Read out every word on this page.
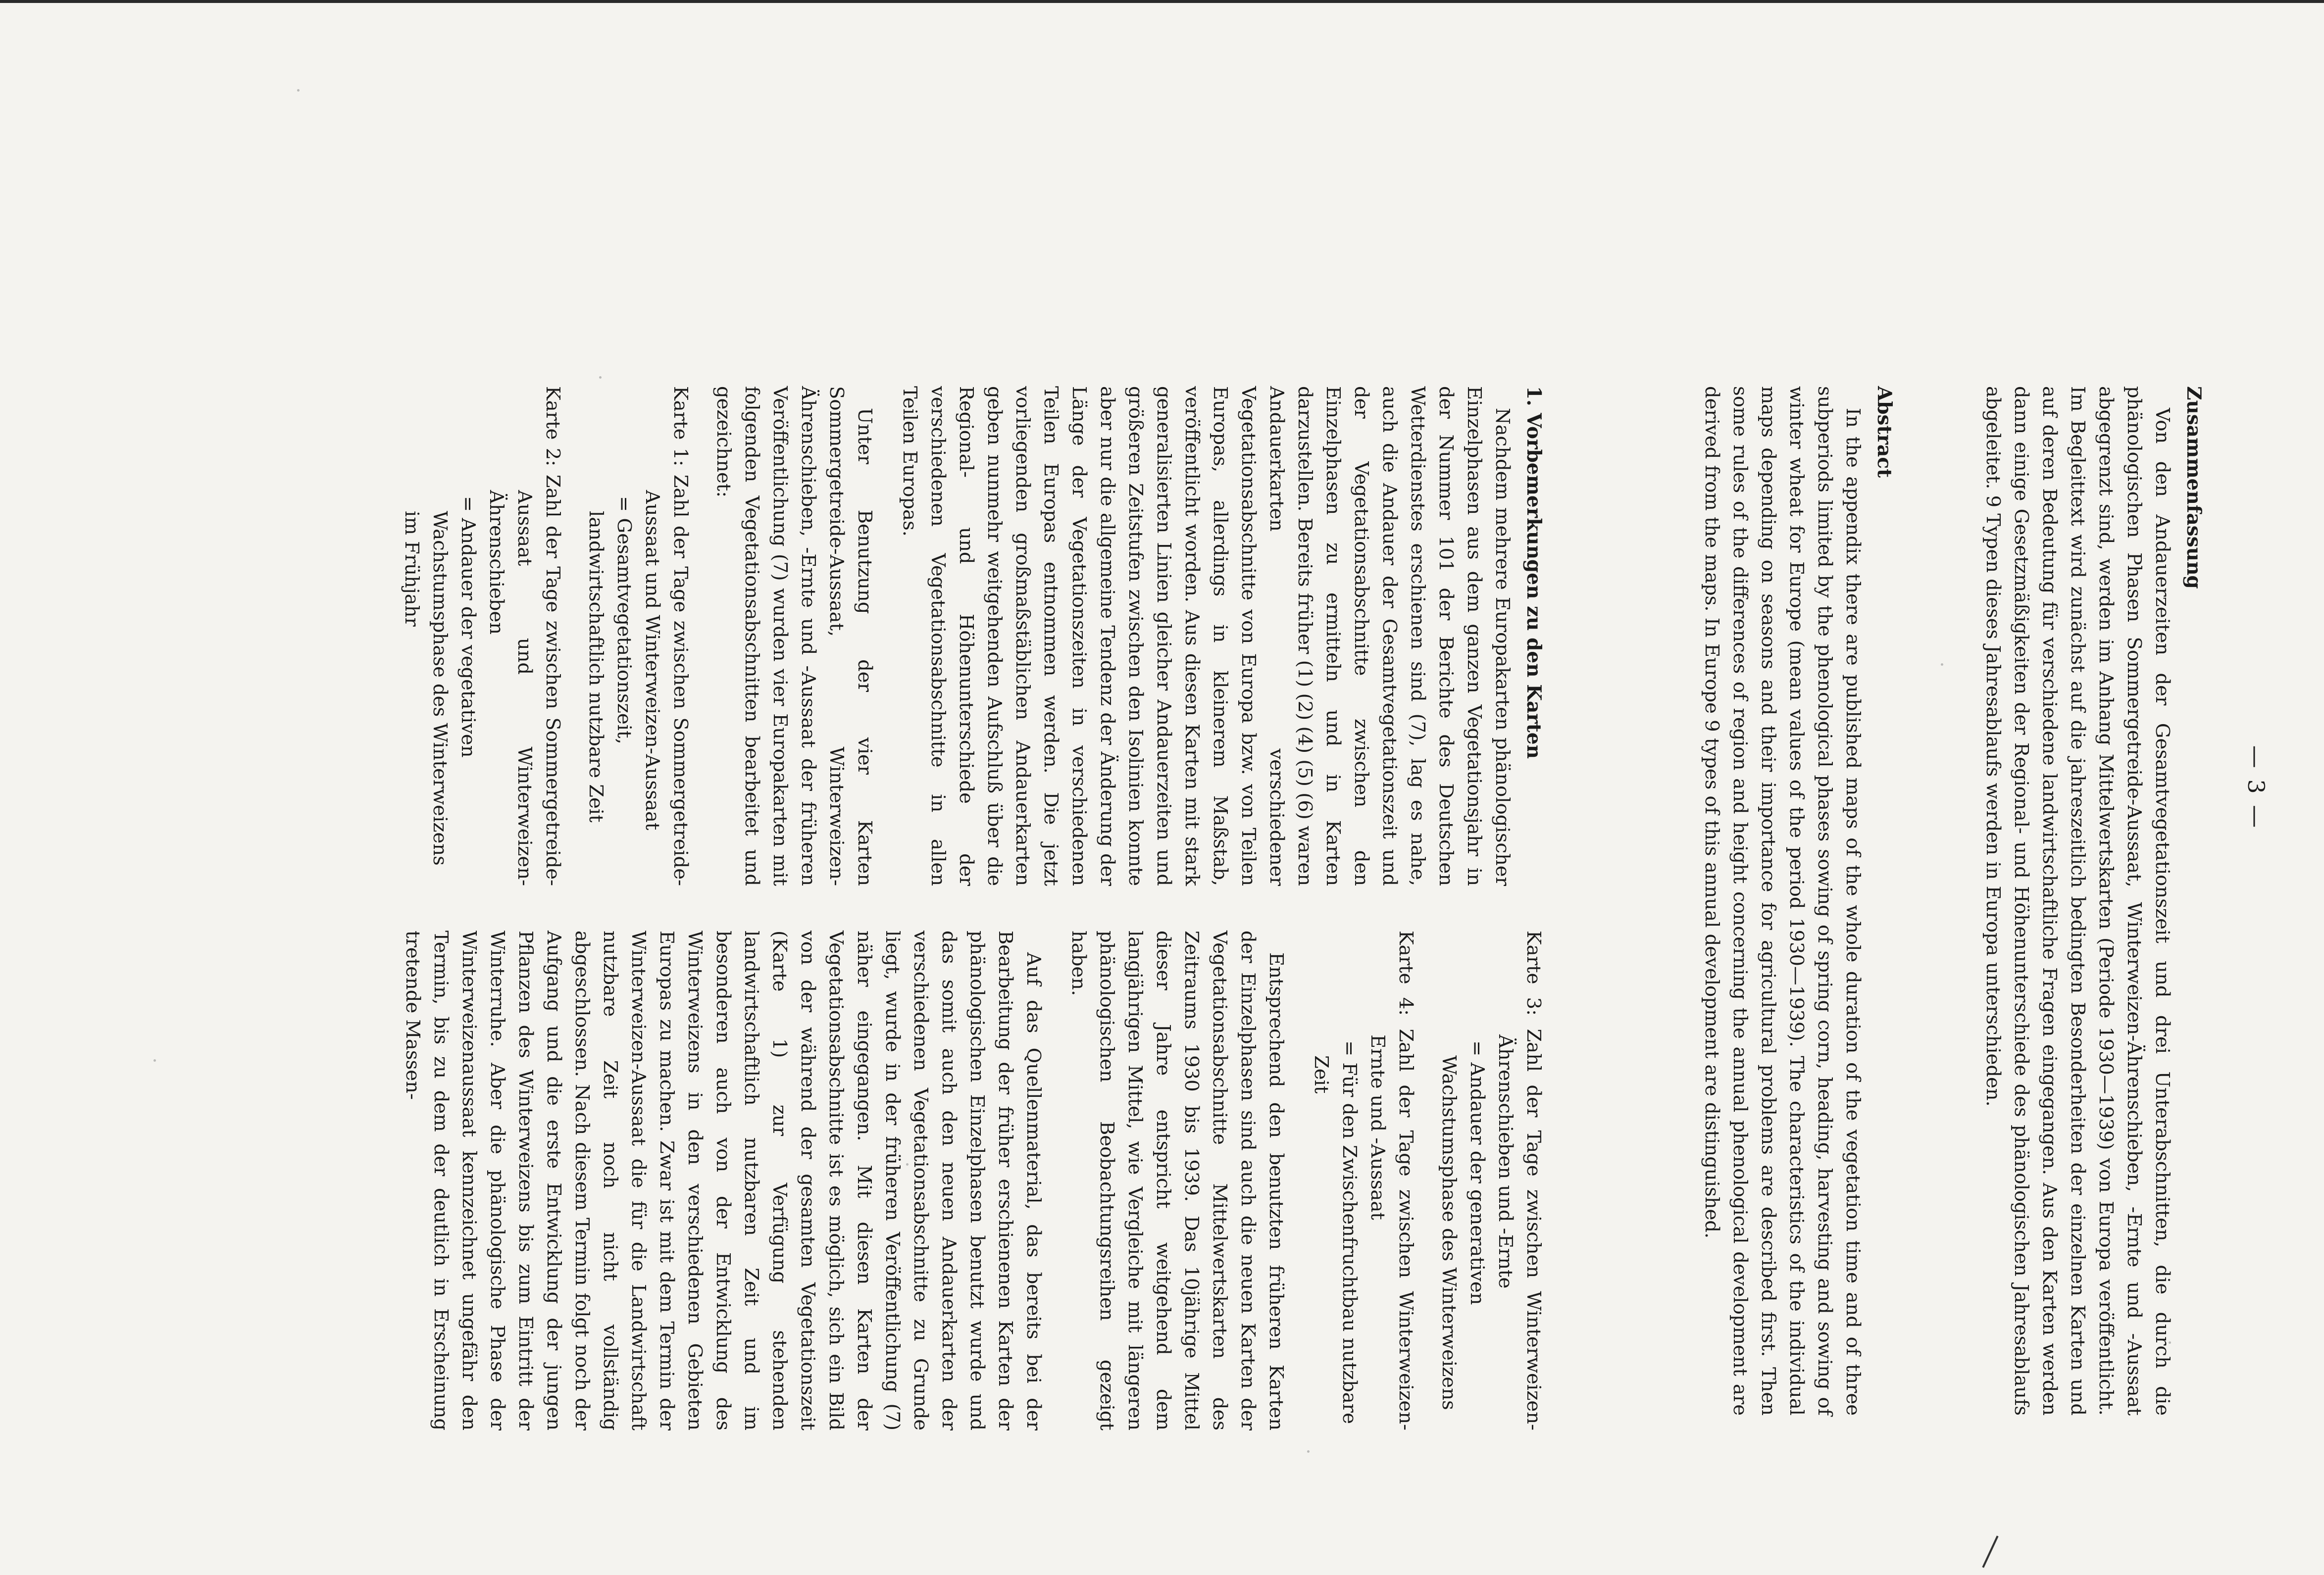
— 3 —
Zusammenfassung

Von den Andauerzeiten der Gesamtvegetationszeit und drei Unterabschnitten, die durch die phänologischen Phasen Sommergetreide-Aussaat, Winterweizen-Ährenschieben, -Ernte und -Aussaat abgegrenzt sind, werden im Anhang Mittelwertskarten (Periode 1930—1939) von Europa veröffentlicht. Im Begleittext wird zunächst auf die jahreszeitlich bedingten Besonderheiten der einzelnen Karten und auf deren Bedeutung für verschiedene landwirtschaftliche Fragen eingegangen. Aus den Karten werden dann einige Gesetzmäßigkeiten der Regional- und Höhenunterschiede des phänologischen Jahresablaufs abgeleitet. 9 Typen dieses Jahresablaufs werden in Europa unterschieden.

Abstract

In the appendix there are published maps of the whole duration of the vegetation time and of three subperiods limited by the phenological phases sowing of spring corn, heading, harvesting and sowing of winter wheat for Europe (mean values of the period 1930—1939). The characteristics of the individual maps depending on seasons and their importance for agricultural problems are described first. Then some rules of the differences of region and height concerning the annual phenological development are derived from the maps. In Europe 9 types of this annual development are distinguished.

1. Vorbemerkungen zu den Karten

Nachdem mehrere Europakarten phänologischer Einzelphasen aus dem ganzen Vegetationsjahr in der Nummer 101 der Berichte des Deutschen Wetterdienstes erschienen sind (7), lag es nahe, auch die Andauer der Gesamtvegetationszeit und der Vegetationsabschnitte zwischen den Einzelphasen zu ermitteln und in Karten darzustellen. Bereits früher (1) (2) (4) (5) (6) waren Andauerkarten verschiedener Vegetationsabschnitte von Europa bzw. von Teilen Europas, allerdings in kleinerem Maßstab, veröffentlicht worden. Aus diesen Karten mit stark generalisierten Linien gleicher Andauerzeiten und größeren Zeitstufen zwischen den Isolinien konnte aber nur die allgemeine Tendenz der Änderung der Länge der Vegetationszeiten in verschiedenen Teilen Europas entnommen werden. Die jetzt vorliegenden großmaßstäblichen Andauerkarten geben nunmehr weitgehenden Aufschluß über die Regional- und Höhenunterschiede der verschiedenen Vegetationsabschnitte in allen Teilen Europas.

Unter Benutzung der vier Karten Sommergetreide-Aussaat, Winterweizen-Ährenschieben, -Ernte und -Aussaat der früheren Veröffentlichung (7) wurden vier Europakarten mit folgenden Vegetationsabschnitten bearbeitet und gezeichnet:

Karte 1: Zahl der Tage zwischen Sommergetreide-Aussaat und Winterweizen-Aussaat
= Gesamtvegetationszeit, landwirtschaftlich nutzbare Zeit
Karte 2: Zahl der Tage zwischen Sommergetreide-Aussaat und Winterweizen-Ährenschieben
= Andauer der vegetativen Wachstumsphase des Winterweizens im Frühjahr
Karte 3: Zahl der Tage zwischen Winterweizen-Ährenschieben und -Ernte
= Andauer der generativen Wachstumsphase des Winterweizens
Karte 4: Zahl der Tage zwischen Winterweizen-Ernte und -Aussaat
= Für den Zwischenfruchtbau nutzbare Zeit

Entsprechend den benutzten früheren Karten der Einzelphasen sind auch die neuen Karten der Vegetationsabschnitte Mittelwertskarten des Zeitraums 1930 bis 1939. Das 10jährige Mittel dieser Jahre entspricht weitgehend dem langjährigen Mittel, wie Vergleiche mit längeren phänologischen Beobachtungsreihen gezeigt haben.

Auf das Quellenmaterial, das bereits bei der Bearbeitung der früher erschienenen Karten der phänologischen Einzelphasen benutzt wurde und das somit auch den neuen Andauerkarten der verschiedenen Vegetationsabschnitte zu Grunde liegt, wurde in der früheren Veröffentlichung (7) näher eingegangen. Mit diesen Karten der Vegetationsabschnitte ist es möglich, sich ein Bild von der während der gesamten Vegetationszeit (Karte 1) zur Verfügung stehenden landwirtschaftlich nutzbaren Zeit und im besonderen auch von der Entwicklung des Winterweizens in den verschiedenen Gebieten Europas zu machen. Zwar ist mit dem Termin der Winterweizen-Aussaat die für die Landwirtschaft nutzbare Zeit noch nicht vollständig abgeschlossen. Nach diesem Termin folgt noch der Aufgang und die erste Entwicklung der jungen Pflanzen des Winterweizens bis zum Eintritt der Winterruhe. Aber die phänologische Phase der Winterweizenaussaat kennzeichnet ungefähr den Termin, bis zu dem der deutlich in Erscheinung tretende Massen-
